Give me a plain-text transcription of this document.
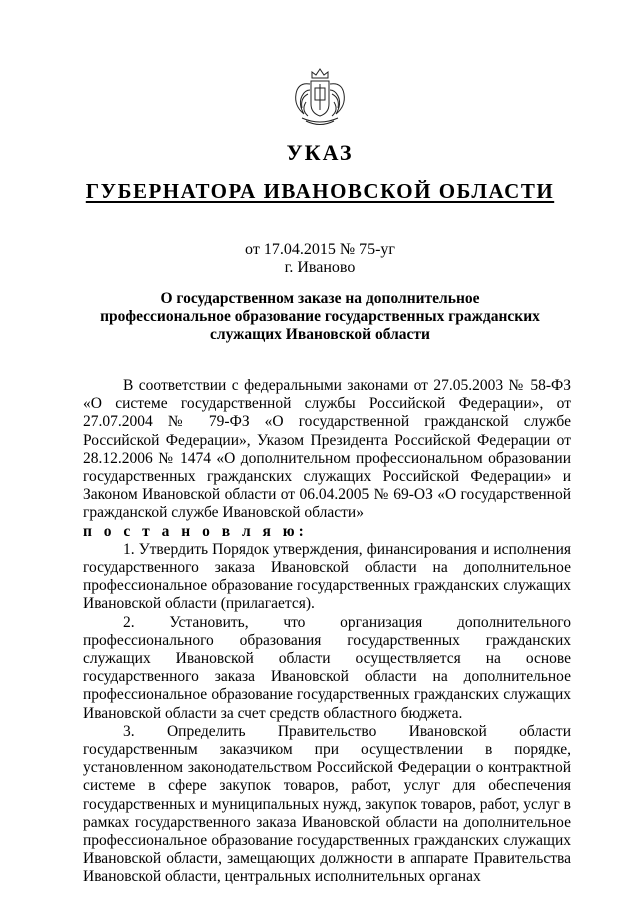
УКАЗ
ГУБЕРНАТОРА ИВАНОВСКОЙ ОБЛАСТИ
от 17.04.2015 № 75-уг
г. Иваново
О государственном заказе на дополнительное профессиональное образование государственных гражданских служащих Ивановской области

В соответствии с федеральными законами от 27.05.2003 № 58-ФЗ «О системе государственной службы Российской Федерации», от 27.07.2004 № 79-ФЗ «О государственной гражданской службе Российской Федерации», Указом Президента Российской Федерации от 28.12.2006 № 1474 «О дополнительном профессиональном образовании государственных гражданских служащих Российской Федерации» и Законом Ивановской области от 06.04.2005 № 69-ОЗ «О государственной гражданской службе Ивановской области»

п о с т а н о в л я ю:

1. Утвердить Порядок утверждения, финансирования и исполнения государственного заказа Ивановской области на дополнительное профессиональное образование государственных гражданских служащих Ивановской области (прилагается).

2. Установить, что организация дополнительного профессионального образования государственных гражданских служащих Ивановской области осуществляется на основе государственного заказа Ивановской области на дополнительное профессиональное образование государственных гражданских служащих Ивановской области за счет средств областного бюджета.

3. Определить Правительство Ивановской области государственным заказчиком при осуществлении в порядке, установленном законодательством Российской Федерации о контрактной системе в сфере закупок товаров, работ, услуг для обеспечения государственных и муниципальных нужд, закупок товаров, работ, услуг в рамках государственного заказа Ивановской области на дополнительное профессиональное образование государственных гражданских служащих Ивановской области, замещающих должности в аппарате Правительства Ивановской области, центральных исполнительных органах
